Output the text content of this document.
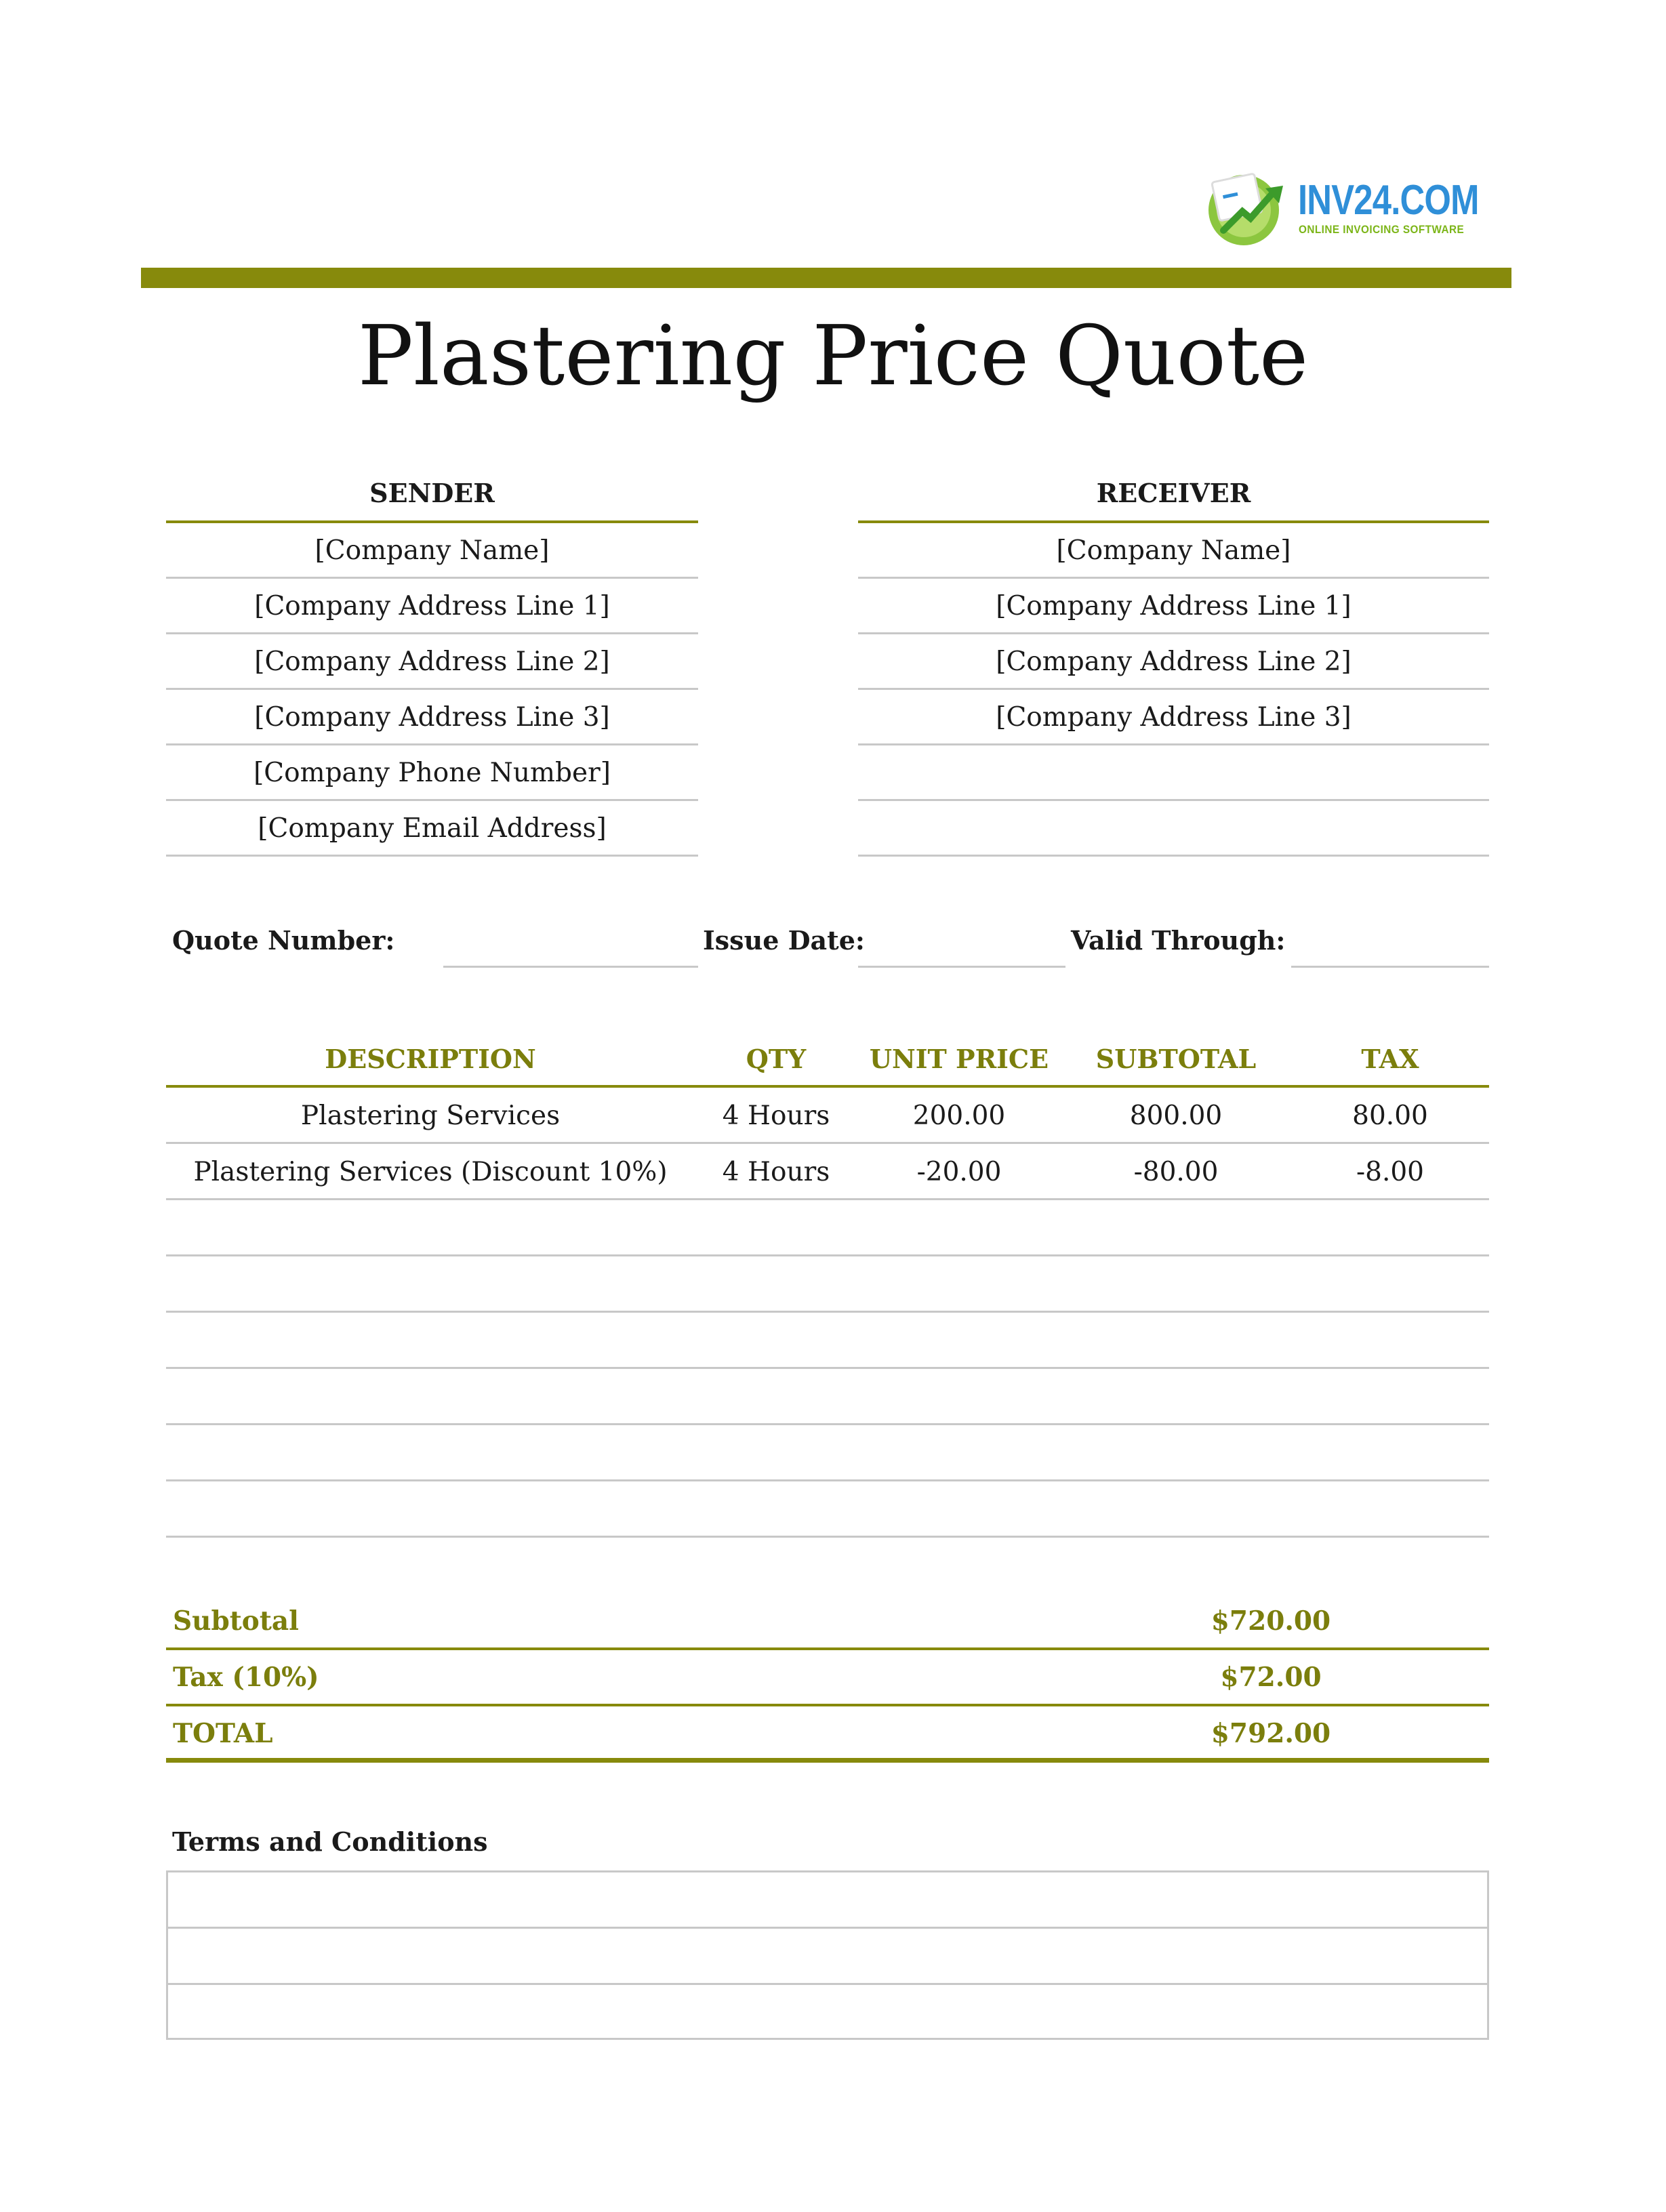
INV24.COM
ONLINE INVOICING SOFTWARE
Plastering Price Quote
SENDER
[Company Name]
[Company Address Line 1]
[Company Address Line 2]
[Company Address Line 3]
[Company Phone Number]
[Company Email Address]
RECEIVER
[Company Name]
[Company Address Line 1]
[Company Address Line 2]
[Company Address Line 3]
Quote Number:	Issue Date:	Valid Through:
DESCRIPTION	QTY	UNIT PRICE	SUBTOTAL	TAX
Plastering Services	4 Hours	200.00	800.00	80.00
Plastering Services (Discount 10%)	4 Hours	-20.00	-80.00	-8.00
Subtotal	$720.00
Tax (10%)	$72.00
TOTAL	$792.00
Terms and Conditions
